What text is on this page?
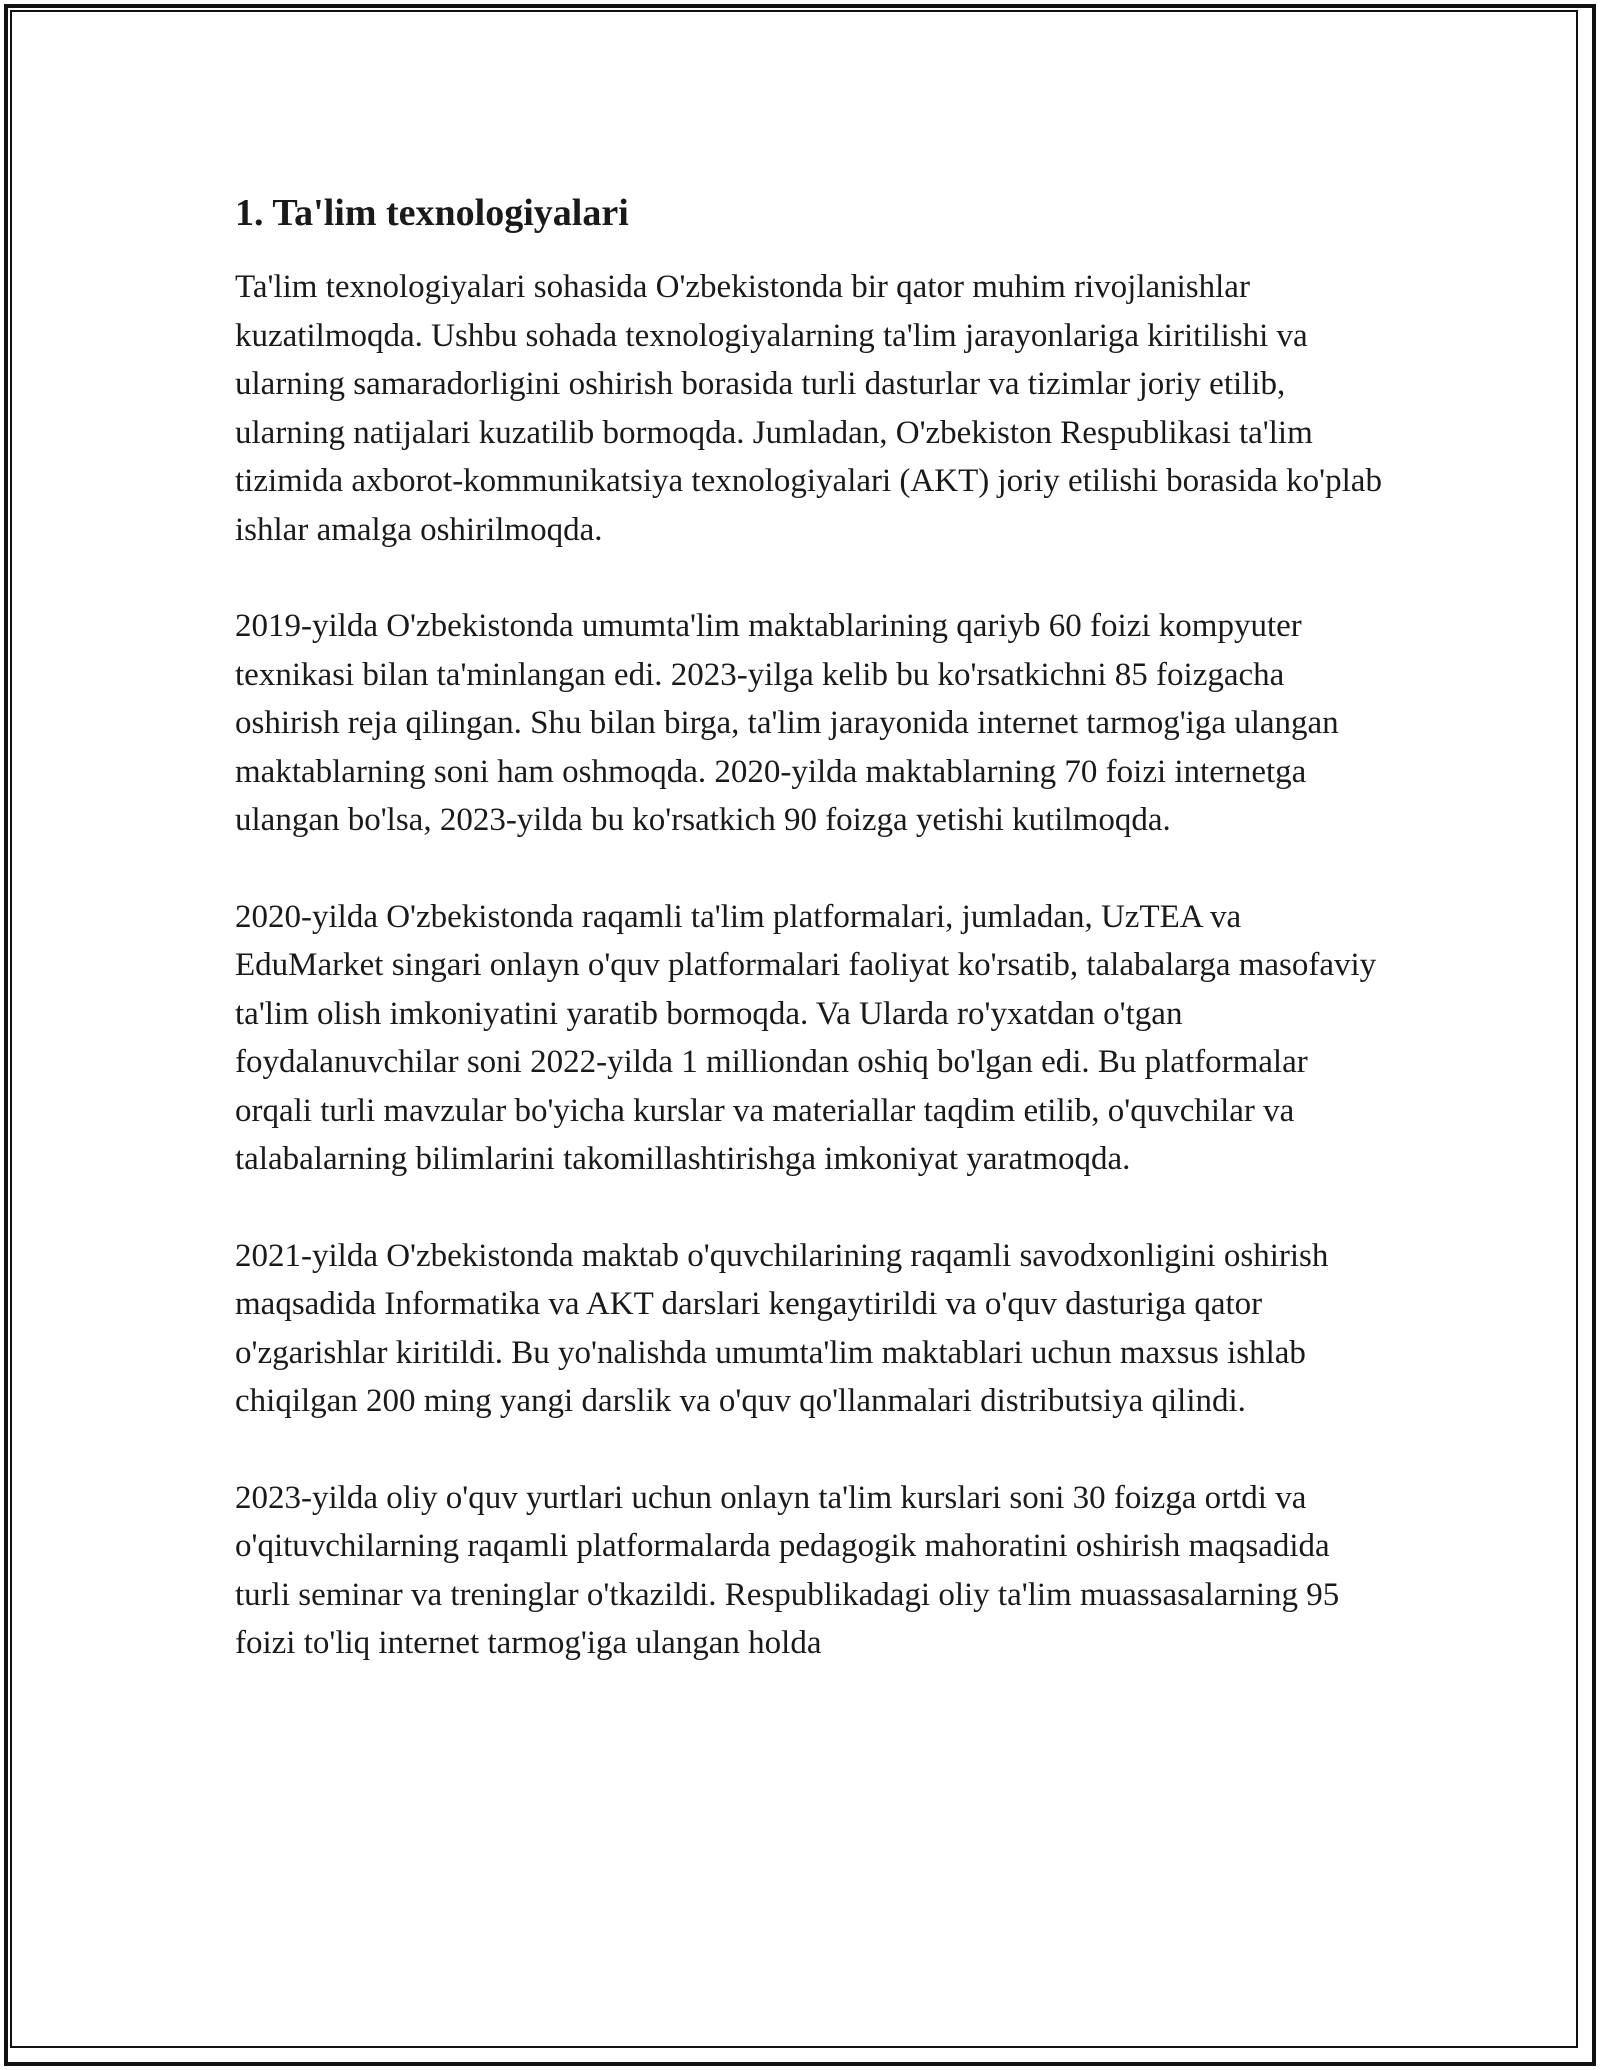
1. Ta'lim texnologiyalari

Ta'lim texnologiyalari sohasida O'zbekistonda bir qator muhim rivojlanishlar kuzatilmoqda. Ushbu sohada texnologiyalarning ta'lim jarayonlariga kiritilishi va ularning samaradorligini oshirish borasida turli dasturlar va tizimlar joriy etilib, ularning natijalari kuzatilib bormoqda. Jumladan, O'zbekiston Respublikasi ta'lim tizimida axborot-kommunikatsiya texnologiyalari (AKT) joriy etilishi borasida ko'plab ishlar amalga oshirilmoqda.

2019-yilda O'zbekistonda umumta'lim maktablarining qariyb 60 foizi kompyuter texnikasi bilan ta'minlangan edi. 2023-yilga kelib bu ko'rsatkichni 85 foizgacha oshirish reja qilingan. Shu bilan birga, ta'lim jarayonida internet tarmog'iga ulangan maktablarning soni ham oshmoqda. 2020-yilda maktablarning 70 foizi internetga ulangan bo'lsa, 2023-yilda bu ko'rsatkich 90 foizga yetishi kutilmoqda.

2020-yilda O'zbekistonda raqamli ta'lim platformalari, jumladan, UzTEA va EduMarket singari onlayn o'quv platformalari faoliyat ko'rsatib, talabalarga masofaviy ta'lim olish imkoniyatini yaratib bormoqda. Va Ularda ro'yxatdan o'tgan foydalanuvchilar soni 2022-yilda 1 milliondan oshiq bo'lgan edi. Bu platformalar orqali turli mavzular bo'yicha kurslar va materiallar taqdim etilib, o'quvchilar va talabalarning bilimlarini takomillashtirishga imkoniyat yaratmoqda.

2021-yilda O'zbekistonda maktab o'quvchilarining raqamli savodxonligini oshirish maqsadida Informatika va AKT darslari kengaytirildi va o'quv dasturiga qator o'zgarishlar kiritildi. Bu yo'nalishda umumta'lim maktablari uchun maxsus ishlab chiqilgan 200 ming yangi darslik va o'quv qo'llanmalari distributsiya qilindi.

2023-yilda oliy o'quv yurtlari uchun onlayn ta'lim kurslari soni 30 foizga ortdi va o'qituvchilarning raqamli platformalarda pedagogik mahoratini oshirish maqsadida turli seminar va treninglar o'tkazildi. Respublikadagi oliy ta'lim muassasalarning 95 foizi to'liq internet tarmog'iga ulangan holda
